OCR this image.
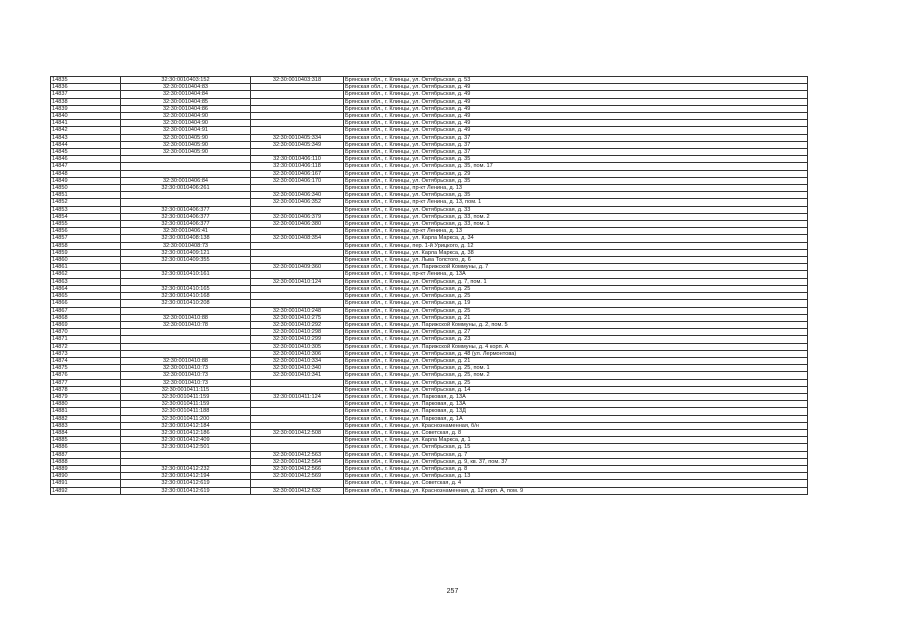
14835	32:30:0010403:152	32:30:0010403:318	Брянская обл., г. Клинцы, ул. Октябрьская, д. 53
14836	32:30:0010404:83		Брянская обл., г. Клинцы, ул. Октябрьская, д. 49
14837	32:30:0010404:84		Брянская обл., г. Клинцы, ул. Октябрьская, д. 49
14838	32:30:0010404:85		Брянская обл., г. Клинцы, ул. Октябрьская, д. 49
14839	32:30:0010404:86		Брянская обл., г. Клинцы, ул. Октябрьская, д. 49
14840	32:30:0010404:90		Брянская обл., г. Клинцы, ул. Октябрьская, д. 49
14841	32:30:0010404:90		Брянская обл., г. Клинцы, ул. Октябрьская, д. 49
14842	32:30:0010404:91		Брянская обл., г. Клинцы, ул. Октябрьская, д. 49
14843	32:30:0010405:90	32:30:0010405:334	Брянская обл., г. Клинцы, ул. Октябрьская, д. 37
14844	32:30:0010405:90	32:30:0010405:349	Брянская обл., г. Клинцы, ул. Октябрьская, д. 37
14845	32:30:0010405:90		Брянская обл., г. Клинцы, ул. Октябрьская, д. 37
14846		32:30:0010406:110	Брянская обл., г. Клинцы, ул. Октябрьская, д. 35
14847		32:30:0010406:118	Брянская обл., г. Клинцы, ул. Октябрьская, д. 35, пом. 17
14848		32:30:0010406:167	Брянская обл., г. Клинцы, ул. Октябрьская, д. 29
14849	32:30:0010406:84	32:30:0010406:170	Брянская обл., г. Клинцы, ул. Октябрьская, д. 35
14850	32:30:0010406:261		Брянская обл., г. Клинцы, пр-кт Ленина, д. 13
14851		32:30:0010406:340	Брянская обл., г. Клинцы, ул. Октябрьская, д. 35
14852		32:30:0010406:352	Брянская обл., г. Клинцы, пр-кт Ленина, д. 13, пом. 1
14853	32:30:0010406:377		Брянская обл., г. Клинцы, ул. Октябрьская, д. 33
14854	32:30:0010406:377	32:30:0010406:379	Брянская обл., г. Клинцы, ул. Октябрьская, д. 33, пом. 2
14855	32:30:0010406:377	32:30:0010406:380	Брянская обл., г. Клинцы, ул. Октябрьская, д. 33, пом. 1
14856	32:30:0010406:41		Брянская обл., г. Клинцы, пр-кт Ленина, д. 13
14857	32:30:0010408:138	32:30:0010408:354	Брянская обл., г. Клинцы, ул. Карла Маркса, д. 34
14858	32:30:0010408:73		Брянская обл., г. Клинцы, пер. 1-й Урицкого, д. 12
14859	32:30:0010409:121		Брянская обл., г. Клинцы, ул. Карла Маркса, д. 38
14860	32:30:0010409:355		Брянская обл., г. Клинцы, ул. Льва Толстого, д. 6
14861		32:30:0010409:360	Брянская обл., г. Клинцы, ул. Парижской Коммуны, д. 7
14862	32:30:0010410:161		Брянская обл., г. Клинцы, пр-кт Ленина, д. 13А
14863		32:30:0010410:124	Брянская обл., г. Клинцы, ул. Октябрьская, д. 7, пом. 1
14864	32:30:0010410:165		Брянская обл., г. Клинцы, ул. Октябрьская, д. 25
14865	32:30:0010410:168		Брянская обл., г. Клинцы, ул. Октябрьская, д. 25
14866	32:30:0010410:208		Брянская обл., г. Клинцы, ул. Октябрьская, д. 19
14867		32:30:0010410:248	Брянская обл., г. Клинцы, ул. Октябрьская, д. 25
14868	32:30:0010410:88	32:30:0010410:275	Брянская обл., г. Клинцы, ул. Октябрьская, д. 21
14869	32:30:0010410:78	32:30:0010410:292	Брянская обл., г. Клинцы, ул. Парижской Коммуны, д. 2, пом. 5
14870		32:30:0010410:298	Брянская обл., г. Клинцы, ул. Октябрьская, д. 27
14871		32:30:0010410:299	Брянская обл., г. Клинцы, ул. Октябрьская, д. 23
14872		32:30:0010410:305	Брянская обл., г. Клинцы, ул. Парижской Коммуны, д. 4 корп. А
14873		32:30:0010410:306	Брянская обл., г. Клинцы, ул. Октябрьская, д. 48 (ул. Лермонтова)
14874	32:30:0010410:88	32:30:0010410:334	Брянская обл., г. Клинцы, ул. Октябрьская, д. 21
14875	32:30:0010410:73	32:30:0010410:340	Брянская обл., г. Клинцы, ул. Октябрьская, д. 25, пом. 1
14876	32:30:0010410:73	32:30:0010410:341	Брянская обл., г. Клинцы, ул. Октябрьская, д. 25, пом. 2
14877	32:30:0010410:73		Брянская обл., г. Клинцы, ул. Октябрьская, д. 25
14878	32:30:0010411:115		Брянская обл., г. Клинцы, ул. Октябрьская, д. 14
14879	32:30:0010411:159	32:30:0010411:124	Брянская обл., г. Клинцы, ул. Парковая, д. 13А
14880	32:30:0010411:159		Брянская обл., г. Клинцы, ул. Парковая, д. 13А
14881	32:30:0010411:188		Брянская обл., г. Клинцы, ул. Парковая, д. 13Д
14882	32:30:0010411:200		Брянская обл., г. Клинцы, ул. Парковая, д. 1А
14883	32:30:0010412:184		Брянская обл., г. Клинцы, ул. Краснознаменная, б/н
14884	32:30:0010412:186	32:30:0010412:508	Брянская обл., г. Клинцы, ул. Советская, д. 8
14885	32:30:0010412:409		Брянская обл., г. Клинцы, ул. Карла Маркса, д. 1
14886	32:30:0010412:501		Брянская обл., г. Клинцы, ул. Октябрьская, д. 15
14887		32:30:0010412:563	Брянская обл., г. Клинцы, ул. Октябрьская, д. 7
14888		32:30:0010412:564	Брянская обл., г. Клинцы, ул. Октябрьская, д. 9, кв. 37, пом. 37
14889	32:30:0010412:232	32:30:0010412:566	Брянская обл., г. Клинцы, ул. Октябрьская, д. 8
14890	32:30:0010412:194	32:30:0010412:569	Брянская обл., г. Клинцы, ул. Октябрьская, д. 13
14891	32:30:0010412:619		Брянская обл., г. Клинцы, ул. Советская, д. 4
14892	32:30:0010412:619	32:30:0010412:632	Брянская обл., г. Клинцы, ул. Краснознаменная, д. 12 корп. А, пом. 9
257
